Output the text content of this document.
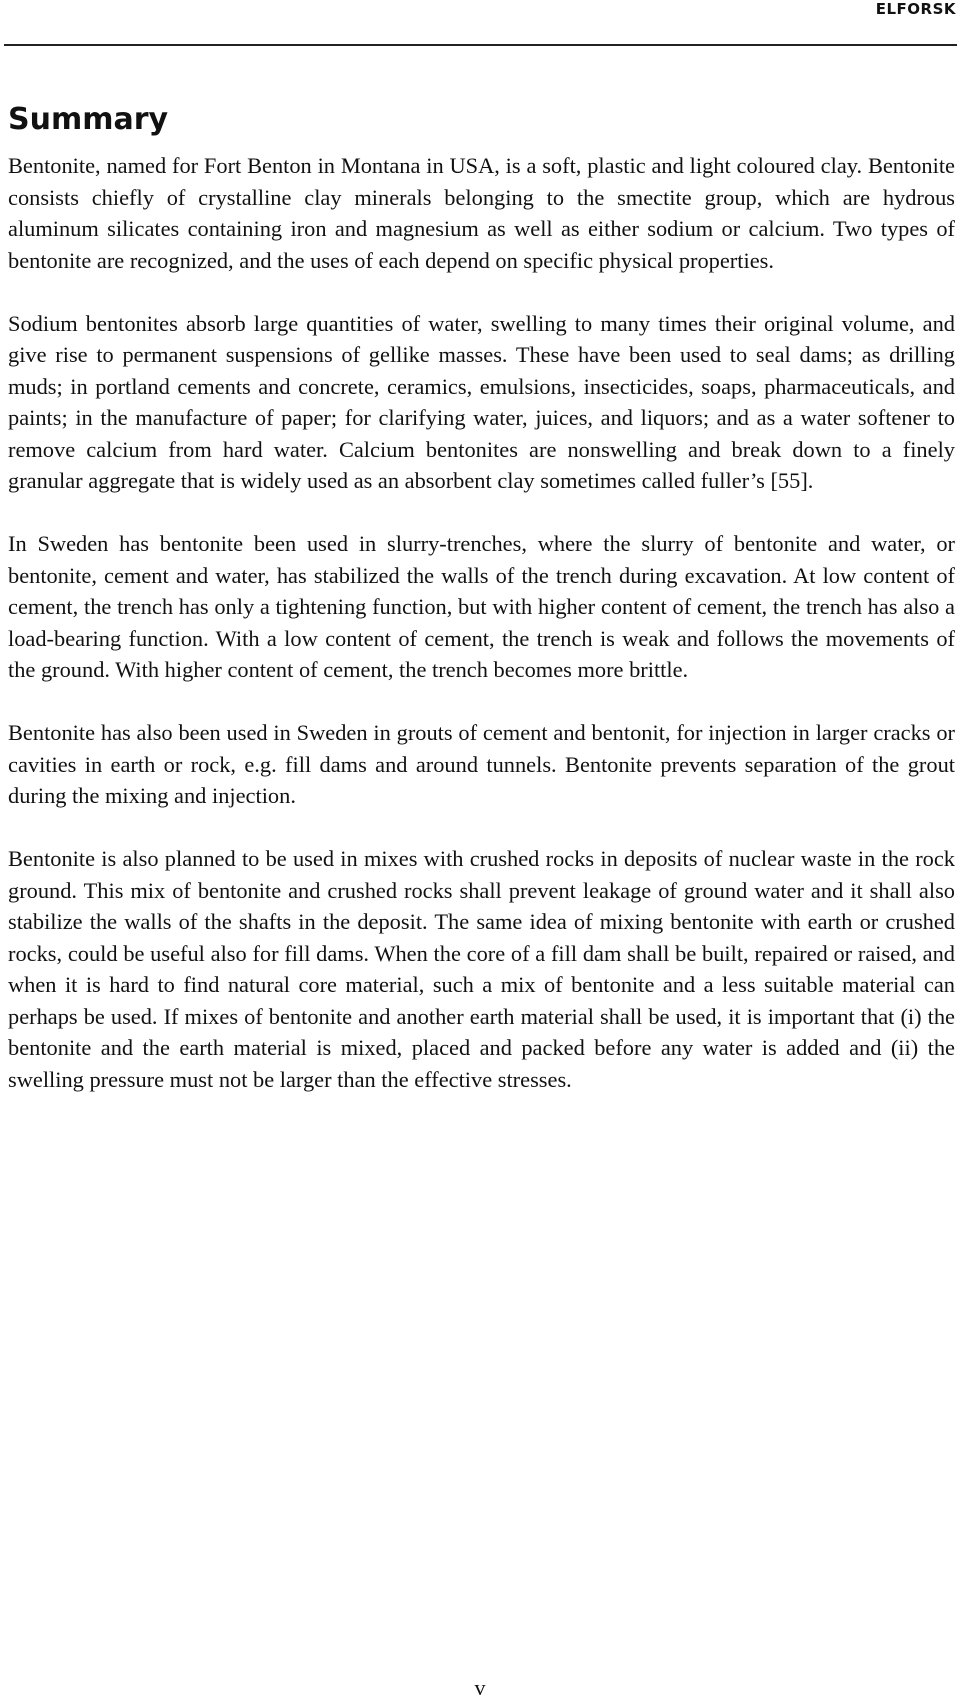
ELFORSK
Summary

Bentonite, named for Fort Benton in Montana in USA, is a soft, plastic and light coloured clay. Bentonite consists chiefly of crystalline clay minerals belonging to the smectite group, which are hydrous aluminum silicates containing iron and magnesium as well as either sodium or calcium. Two types of bentonite are recognized, and the uses of each depend on specific physical properties.

Sodium bentonites absorb large quantities of water, swelling to many times their original volume, and give rise to permanent suspensions of gellike masses. These have been used to seal dams; as drilling muds; in portland cements and concrete, ceramics, emulsions, insecticides, soaps, pharmaceuticals, and paints; in the manufacture of paper; for clarifying water, juices, and liquors; and as a water softener to remove calcium from hard water. Calcium bentonites are nonswelling and break down to a finely granular aggregate that is widely used as an absorbent clay sometimes called fuller’s [55].

In Sweden has bentonite been used in slurry-trenches, where the slurry of bentonite and water, or bentonite, cement and water, has stabilized the walls of the trench during excavation. At low content of cement, the trench has only a tightening function, but with higher content of cement, the trench has also a load-bearing function. With a low content of cement, the trench is weak and follows the movements of the ground. With higher content of cement, the trench becomes more brittle.

Bentonite has also been used in Sweden in grouts of cement and bentonit, for injection in larger cracks or cavities in earth or rock, e.g. fill dams and around tunnels. Bentonite prevents separation of the grout during the mixing and injection.

Bentonite is also planned to be used in mixes with crushed rocks in deposits of nuclear waste in the rock ground. This mix of bentonite and crushed rocks shall prevent leakage of ground water and it shall also stabilize the walls of the shafts in the deposit. The same idea of mixing bentonite with earth or crushed rocks, could be useful also for fill dams. When the core of a fill dam shall be built, repaired or raised, and when it is hard to find natural core material, such a mix of bentonite and a less suitable material can perhaps be used. If mixes of bentonite and another earth material shall be used, it is important that (i) the bentonite and the earth material is mixed, placed and packed before any water is added and (ii) the swelling pressure must not be larger than the effective stresses.

v
